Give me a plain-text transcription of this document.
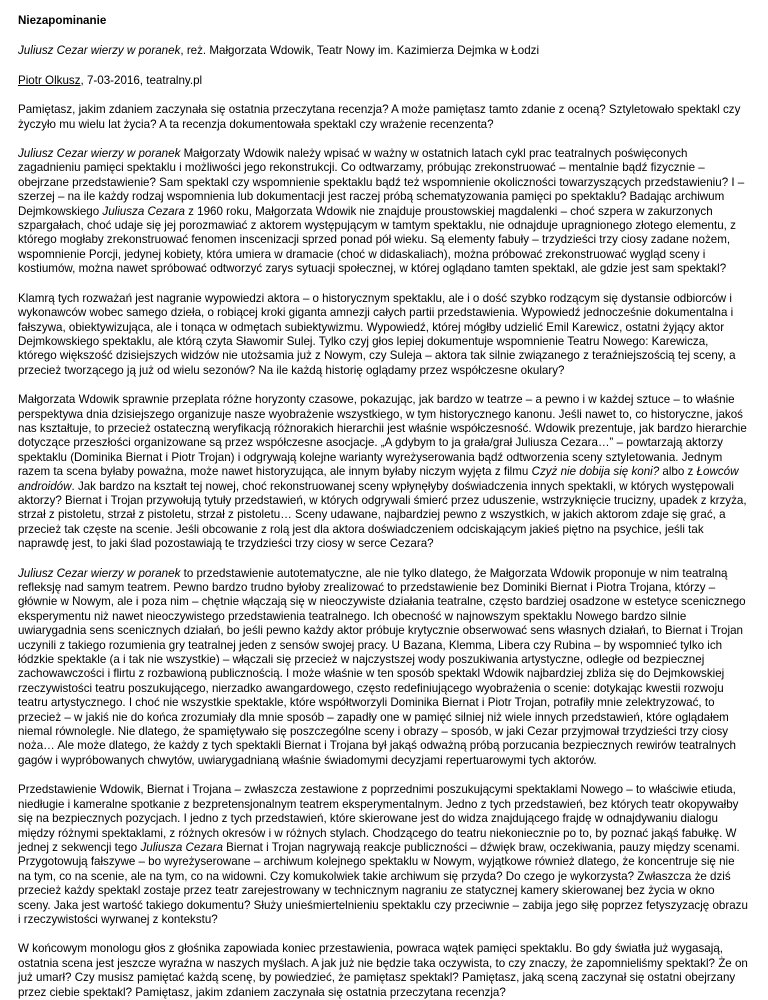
Niezapominanie

Juliusz Cezar wierzy w poranek, reż. Małgorzata Wdowik, Teatr Nowy im. Kazimierza Dejmka w Łodzi

Piotr Olkusz, 7-03-2016, teatralny.pl

Pamiętasz, jakim zdaniem zaczynała się ostatnia przeczytana recenzja? A może pamiętasz tamto zdanie z oceną? Sztyletowało spektakl czy życzyło mu wielu lat życia? A ta recenzja dokumentowała spektakl czy wrażenie recenzenta?

Juliusz Cezar wierzy w poranek Małgorzaty Wdowik należy wpisać w ważny w ostatnich latach cykl prac teatralnych poświęconych zagadnieniu pamięci spektaklu i możliwości jego rekonstrukcji. Co odtwarzamy, próbując zrekonstruować – mentalnie bądź fizycznie – obejrzane przedstawienie? Sam spektakl czy wspomnienie spektaklu bądź też wspomnienie okoliczności towarzyszących przedstawieniu? I – szerzej – na ile każdy rodzaj wspomnienia lub dokumentacji jest raczej próbą schematyzowania pamięci po spektaklu? Badając archiwum Dejmkowskiego Juliusza Cezara z 1960 roku, Małgorzata Wdowik nie znajduje proustowskiej magdalenki – choć szpera w zakurzonych szpargałach, choć udaje się jej porozmawiać z aktorem występującym w tamtym spektaklu, nie odnajduje upragnionego złotego elementu, z którego mogłaby zrekonstruować fenomen inscenizacji sprzed ponad pół wieku. Są elementy fabuły – trzydzieści trzy ciosy zadane nożem, wspomnienie Porcji, jedynej kobiety, która umiera w dramacie (choć w didaskaliach), można próbować zrekonstruować wygląd sceny i kostiumów, można nawet spróbować odtworzyć zarys sytuacji społecznej, w której oglądano tamten spektakl, ale gdzie jest sam spektakl?

Klamrą tych rozważań jest nagranie wypowiedzi aktora – o historycznym spektaklu, ale i o dość szybko rodzącym się dystansie odbiorców i wykonawców wobec samego dzieła, o robiącej kroki giganta amnezji całych partii przedstawienia. Wypowiedź jednocześnie dokumentalna i fałszywa, obiektywizująca, ale i tonąca w odmętach subiektywizmu. Wypowiedź, której mógłby udzielić Emil Karewicz, ostatni żyjący aktor Dejmkowskiego spektaklu, ale którą czyta Sławomir Sulej. Tylko czyj głos lepiej dokumentuje wspomnienie Teatru Nowego: Karewicza, którego większość dzisiejszych widzów nie utożsamia już z Nowym, czy Suleja – aktora tak silnie związanego z teraźniejszością tej sceny, a przecież tworzącego ją już od wielu sezonów? Na ile każdą historię oglądamy przez współczesne okulary?

Małgorzata Wdowik sprawnie przeplata różne horyzonty czasowe, pokazując, jak bardzo w teatrze – a pewno i w każdej sztuce – to właśnie perspektywa dnia dzisiejszego organizuje nasze wyobrażenie wszystkiego, w tym historycznego kanonu. Jeśli nawet to, co historyczne, jakoś nas kształtuje, to przecież ostateczną weryfikacją różnorakich hierarchii jest właśnie współczesność. Wdowik prezentuje, jak bardzo hierarchie dotyczące przeszłości organizowane są przez współczesne asocjacje. „A gdybym to ja grała/grał Juliusza Cezara…” – powtarzają aktorzy spektaklu (Dominika Biernat i Piotr Trojan) i odgrywają kolejne warianty wyreżyserowania bądź odtworzenia sceny sztyletowania. Jednym razem ta scena byłaby poważna, może nawet historyzująca, ale innym byłaby niczym wyjęta z filmu Czyż nie dobija się koni? albo z Łowców androidów. Jak bardzo na kształt tej nowej, choć rekonstruowanej sceny wpłynęłyby doświadczenia innych spektakli, w których występowali aktorzy? Biernat i Trojan przywołują tytuły przedstawień, w których odgrywali śmierć przez uduszenie, wstrzyknięcie trucizny, upadek z krzyża, strzał z pistoletu, strzał z pistoletu, strzał z pistoletu… Sceny udawane, najbardziej pewno z wszystkich, w jakich aktorom zdaje się grać, a przecież tak częste na scenie. Jeśli obcowanie z rolą jest dla aktora doświadczeniem odciskającym jakieś piętno na psychice, jeśli tak naprawdę jest, to jaki ślad pozostawiają te trzydzieści trzy ciosy w serce Cezara?

Juliusz Cezar wierzy w poranek to przedstawienie autotematyczne, ale nie tylko dlatego, że Małgorzata Wdowik proponuje w nim teatralną refleksję nad samym teatrem. Pewno bardzo trudno byłoby zrealizować to przedstawienie bez Dominiki Biernat i Piotra Trojana, którzy – głównie w Nowym, ale i poza nim – chętnie włączają się w nieoczywiste działania teatralne, często bardziej osadzone w estetyce scenicznego eksperymentu niż nawet nieoczywistego przedstawienia teatralnego. Ich obecność w najnowszym spektaklu Nowego bardzo silnie uwiarygadnia sens scenicznych działań, bo jeśli pewno każdy aktor próbuje krytycznie obserwować sens własnych działań, to Biernat i Trojan uczynili z takiego rozumienia gry teatralnej jeden z sensów swojej pracy. U Bazana, Klemma, Libera czy Rubina – by wspomnieć tylko ich łódzkie spektakle (a i tak nie wszystkie) – włączali się przecież w najczystszej wody poszukiwania artystyczne, odległe od bezpiecznej zachowawczości i flirtu z rozbawioną publicznością. I może właśnie w ten sposób spektakl Wdowik najbardziej zbliża się do Dejmkowskiej rzeczywistości teatru poszukującego, nierzadko awangardowego, często redefiniującego wyobrażenia o scenie: dotykając kwestii rozwoju teatru artystycznego. I choć nie wszystkie spektakle, które współtworzyli Dominika Biernat i Piotr Trojan, potrafiły mnie zelektryzować, to przecież – w jakiś nie do końca zrozumiały dla mnie sposób – zapadły one w pamięć silniej niż wiele innych przedstawień, które oglądałem niemal równolegle. Nie dlatego, że spamiętywało się poszczególne sceny i obrazy – sposób, w jaki Cezar przyjmował trzydzieści trzy ciosy noża… Ale może dlatego, że każdy z tych spektakli Biernat i Trojana był jakąś odważną próbą porzucania bezpiecznych rewirów teatralnych gagów i wypróbowanych chwytów, uwiarygadnianą właśnie świadomymi decyzjami repertuarowymi tych aktorów.

Przedstawienie Wdowik, Biernat i Trojana – zwłaszcza zestawione z poprzednimi poszukującymi spektaklami Nowego – to właściwie etiuda, niedługie i kameralne spotkanie z bezpretensjonalnym teatrem eksperymentalnym. Jedno z tych przedstawień, bez których teatr okopywałby się na bezpiecznych pozycjach. I jedno z tych przedstawień, które skierowane jest do widza znajdującego frajdę w odnajdywaniu dialogu między różnymi spektaklami, z różnych okresów i w różnych stylach. Chodzącego do teatru niekoniecznie po to, by poznać jakąś fabułkę. W jednej z sekwencji tego Juliusza Cezara Biernat i Trojan nagrywają reakcje publiczności – dźwięk braw, oczekiwania, pauzy między scenami. Przygotowują fałszywe – bo wyreżyserowane – archiwum kolejnego spektaklu w Nowym, wyjątkowe również dlatego, że koncentruje się nie na tym, co na scenie, ale na tym, co na widowni. Czy komukolwiek takie archiwum się przyda? Do czego je wykorzysta? Zwłaszcza że dziś przecież każdy spektakl zostaje przez teatr zarejestrowany w technicznym nagraniu ze statycznej kamery skierowanej bez życia w okno sceny. Jaka jest wartość takiego dokumentu? Służy unieśmiertelnieniu spektaklu czy przeciwnie – zabija jego siłę poprzez fetyszyzację obrazu i rzeczywistości wyrwanej z kontekstu?

W końcowym monologu głos z głośnika zapowiada koniec przestawienia, powraca wątek pamięci spektaklu. Bo gdy światła już wygasają, ostatnia scena jest jeszcze wyraźna w naszych myślach. A jak już nie będzie taka oczywista, to czy znaczy, że zapomnieliśmy spektakl? Że on już umarł? Czy musisz pamiętać każdą scenę, by powiedzieć, że pamiętasz spektakl? Pamiętasz, jaką sceną zaczynał się ostatni obejrzany przez ciebie spektakl? Pamiętasz, jakim zdaniem zaczynała się ostatnia przeczytana recenzja?
